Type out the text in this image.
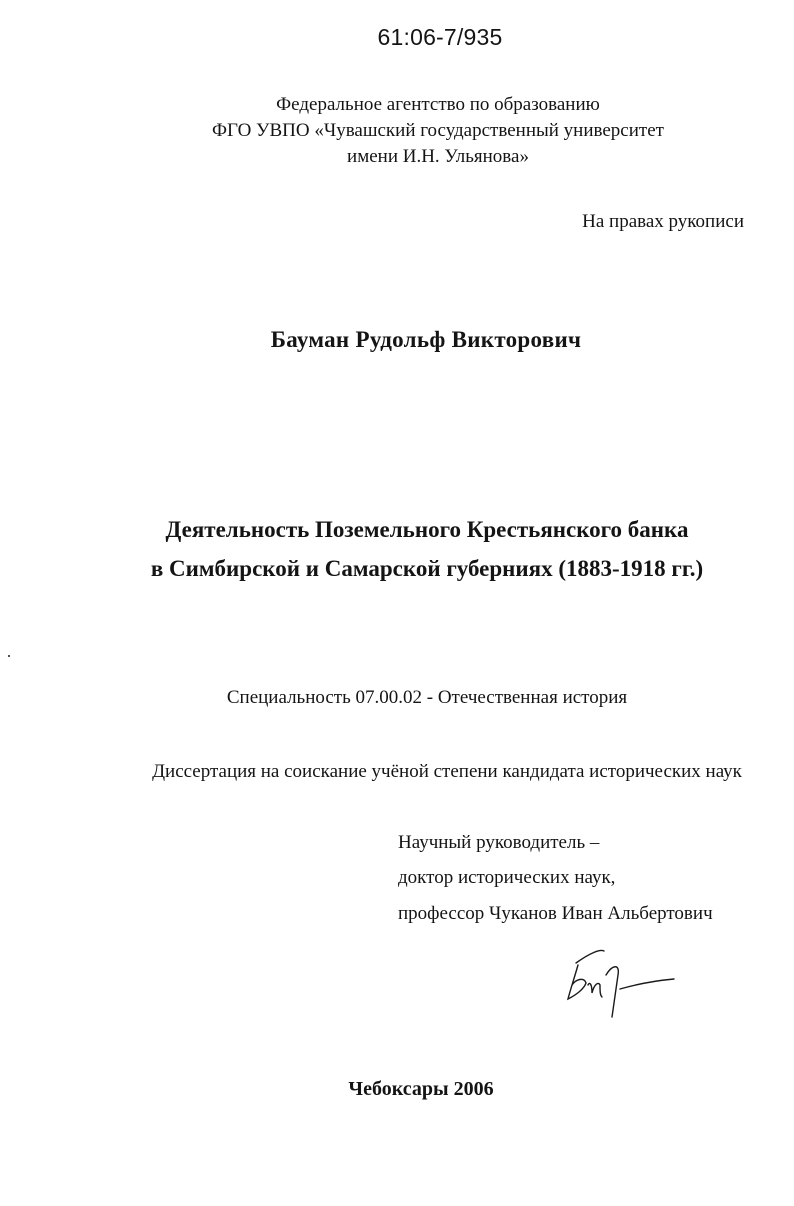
61:06-7/935
Федеральное агентство по образованию
ФГО УВПО «Чувашский государственный университет
имени И.Н. Ульянова»
На правах рукописи
Бауман Рудольф Викторович
Деятельность Поземельного Крестьянского банка
в Симбирской и Самарской губерниях (1883-1918 гг.)
Специальность 07.00.02 - Отечественная история
Диссертация на соискание учёной степени кандидата исторических наук
Научный руководитель –
доктор исторических наук,
профессор Чуканов Иван Альбертович
Чебоксары 2006
